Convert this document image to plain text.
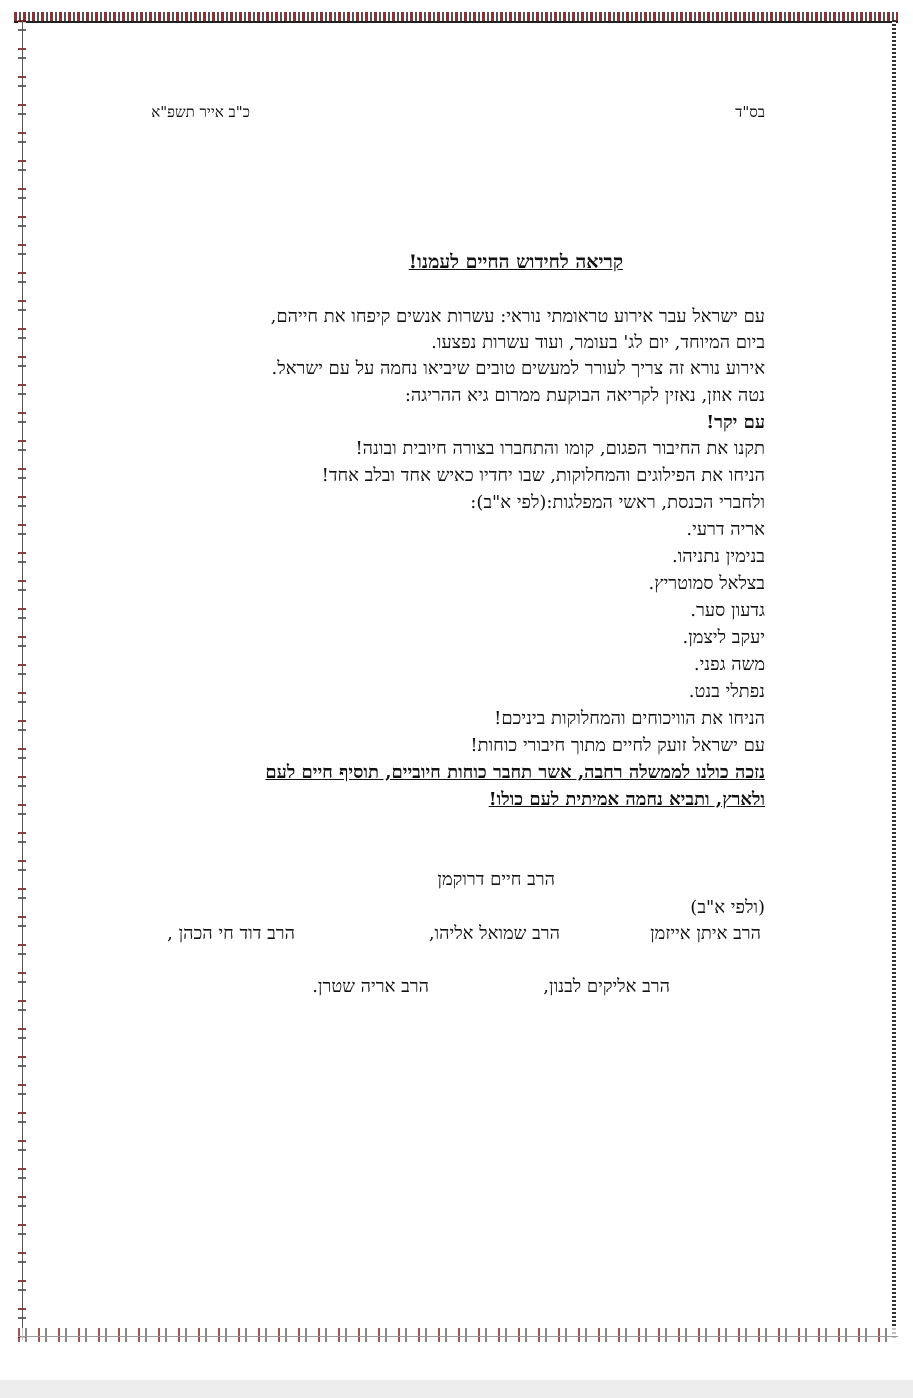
בס"ד
כ"ב אייר תשפ"א
קריאה לחידוש החיים לעמנו!
עם ישראל עבר אירוע טראומתי נוראי: עשרות אנשים קיפחו את חייהם,
ביום המיוחד, יום לג' בעומר, ועוד עשרות נפצעו.
אירוע נורא זה צריך לעורר למעשים טובים שיביאו נחמה על עם ישראל.
נטה אוזן, נאזין לקריאה הבוקעת ממרום גיא ההריגה:
עם יקר!
תקנו את החיבור הפגום, קומו והתחברו בצורה חיובית ובונה!
הניחו את הפילוגים והמחלוקות, שבו יחדיו כאיש אחד ובלב אחד!
ולחברי הכנסת, ראשי המפלגות:(לפי א"ב):
אריה דרעי.
בנימין נתניהו.
בצלאל סמוטריץ.
גדעון סער.
יעקב ליצמן.
משה גפני.
נפתלי בנט.
הניחו את הוויכוחים והמחלוקות ביניכם!
עם ישראל זועק לחיים מתוך חיבורי כוחות!
נזכה כולנו לממשלה רחבה, אשר תחבר כוחות חיוביים, תוסיף חיים לעם
ולארץ, ותביא נחמה אמיתית לעם כולו!
הרב חיים דרוקמן
(ולפי א"ב)
הרב איתן אייזמן
הרב שמואל אליהו,
הרב דוד חי הכהן ,
הרב אליקים לבנון,
הרב אריה שטרן.
